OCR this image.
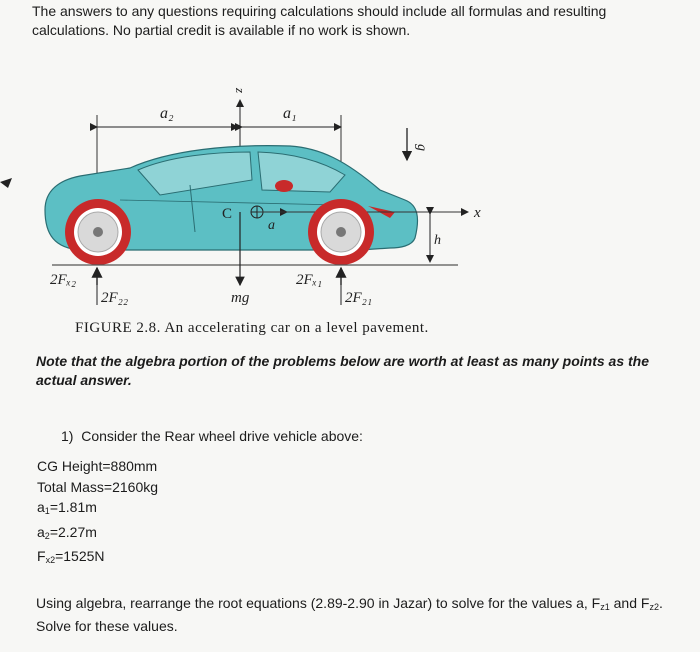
The answers to any questions requiring calculations should include all formulas and resulting calculations. No partial credit is available if no work is shown.
a₂	a₁
z
g
C
a
x
h
mg
2Fₓ₂
2F₂₂
2Fₓ₁
2F₂₁
FIGURE 2.8. An accelerating car on a level pavement.
Note that the algebra portion of the problems below are worth at least as many points as the actual answer.
1)  Consider the Rear wheel drive vehicle above:
CG Height=880mm
Total Mass=2160kg
$a_1=1.81m$
$a_2=2.27m$
$F_{x2}=1525N$
Using algebra, rearrange the root equations (2.89-2.90 in Jazar) to solve for the values a, $F_{z1}$ and $F_{z2}$.
Solve for these values.
